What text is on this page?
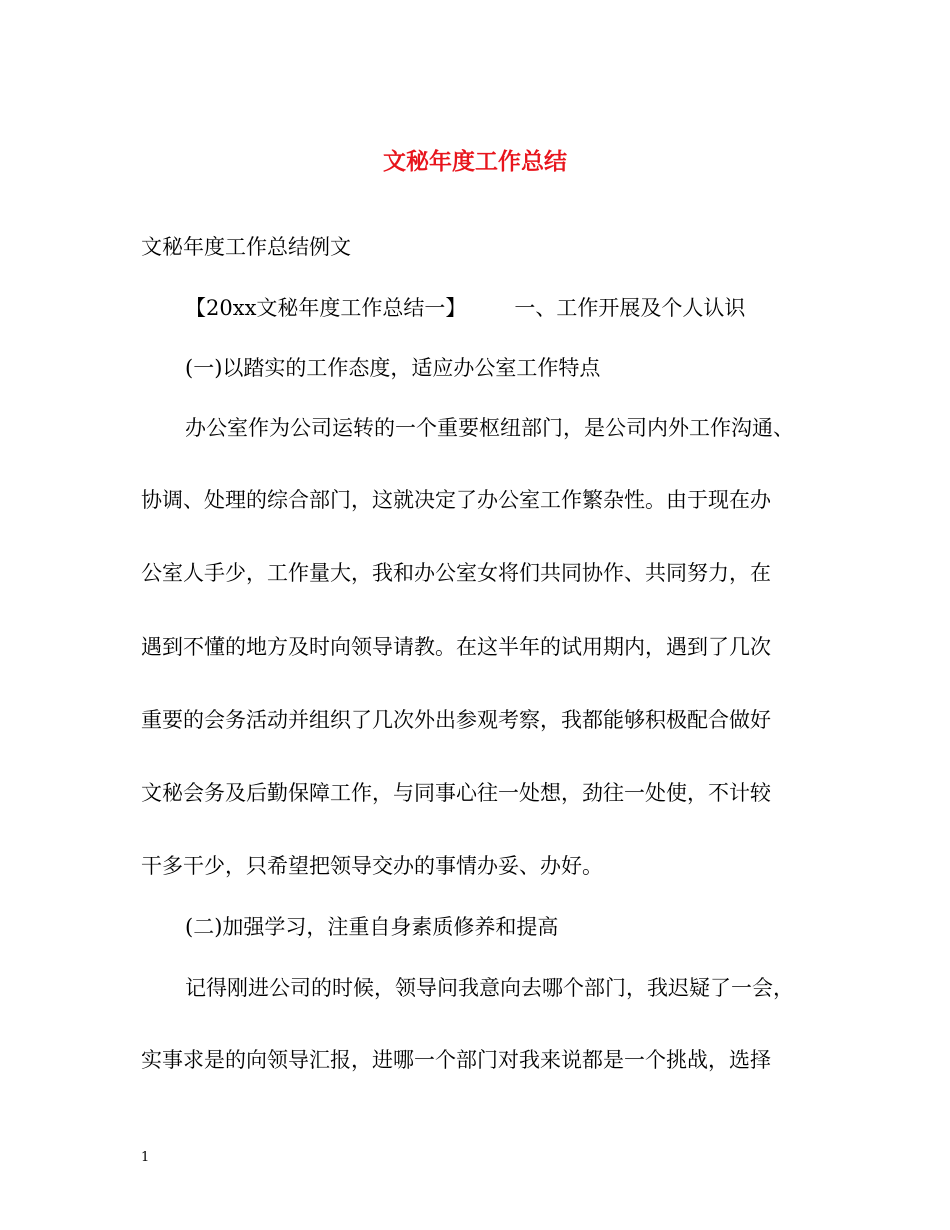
文秘年度工作总结
文秘年度工作总结例文
【20xx文秘年度工作总结一】 一、工作开展及个人认识
(一)以踏实的工作态度，适应办公室工作特点
办公室作为公司运转的一个重要枢纽部门，是公司内外工作沟通、
协调、处理的综合部门，这就决定了办公室工作繁杂性。由于现在办
公室人手少，工作量大，我和办公室女将们共同协作、共同努力，在
遇到不懂的地方及时向领导请教。在这半年的试用期内，遇到了几次
重要的会务活动并组织了几次外出参观考察，我都能够积极配合做好
文秘会务及后勤保障工作，与同事心往一处想，劲往一处使，不计较
干多干少，只希望把领导交办的事情办妥、办好。
(二)加强学习，注重自身素质修养和提高
记得刚进公司的时候，领导问我意向去哪个部门，我迟疑了一会，
实事求是的向领导汇报，进哪一个部门对我来说都是一个挑战，选择
1
